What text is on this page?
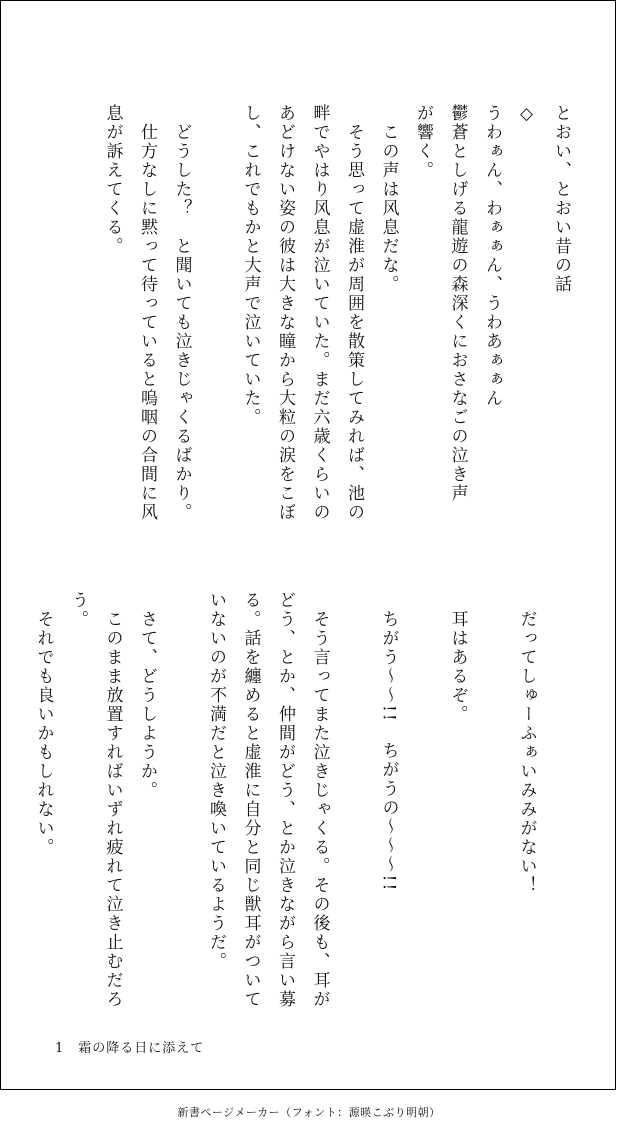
とおい、とおい昔の話
◇
うわぁん、わぁぁん、うわあぁぁん
鬱蒼としげる龍遊の森深くにおさなごの泣き声
が響く。
　この声は风息だな。
　そう思って虚淮が周囲を散策してみれば、池の
畔でやはり风息が泣いていた。まだ六歳くらいの
あどけない姿の彼は大きな瞳から大粒の涙をこぼ
し、これでもかと大声で泣いていた。

　どうした？　と聞いても泣きじゃくるばかり。
　仕方なしに黙って待っていると嗚咽の合間に风
息が訴えてくる。

　だってしゅーふぁいみみがない！

　耳はあるぞ。

　ちがう〜〜!!　ちがうの〜〜〜!!

　そう言ってまた泣きじゃくる。その後も、耳が
どう、とか、仲間がどう、とか泣きながら言い募
る。話を纏めると虚淮に自分と同じ獣耳がついて
いないのが不満だと泣き喚いているようだ。

　さて、どうしようか。
　このまま放置すればいずれ疲れて泣き止むだろ
う。
　それでも良いかもしれない。
1　霜の降る日に添えて
新書ページメーカー（フォント：源暎こぶり明朝）
